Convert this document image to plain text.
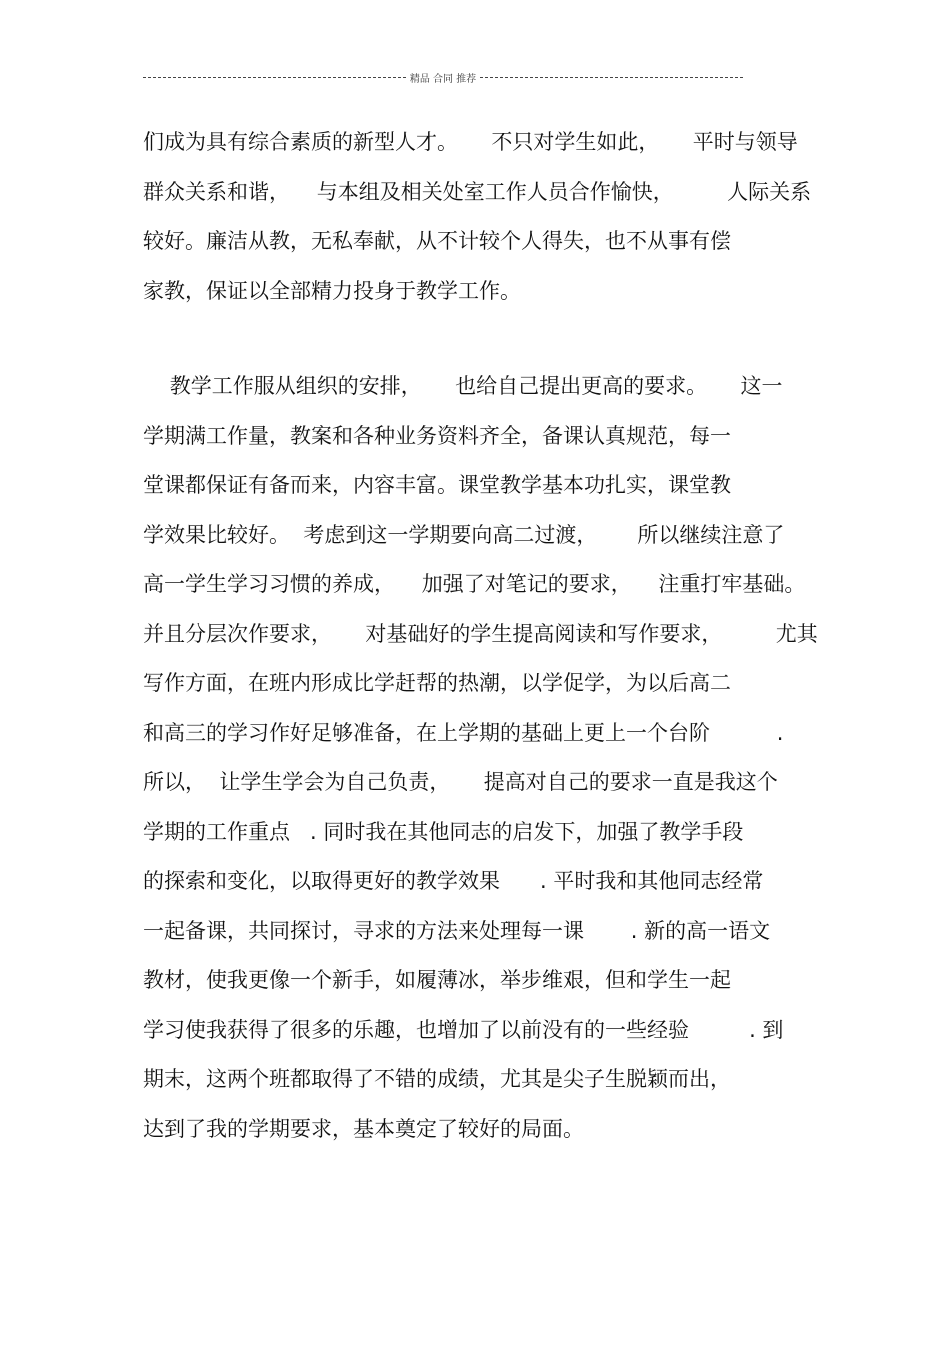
精品 合同 推荐
们成为具有综合素质的新型人才。     不只对学生如此，     平时与领导
群众关系和谐，    与本组及相关处室工作人员合作愉快，        人际关系
较好。廉洁从教，无私奉献，从不计较个人得失，也不从事有偿
家教，保证以全部精力投身于教学工作。
教学工作服从组织的安排，     也给自己提出更高的要求。     这一
学期满工作量，教案和各种业务资料齐全，备课认真规范，每一
堂课都保证有备而来，内容丰富。课堂教学基本功扎实，课堂教
学效果比较好。  考虑到这一学期要向高二过渡，      所以继续注意了
高一学生学习习惯的养成，    加强了对笔记的要求，    注重打牢基础。
并且分层次作要求，     对基础好的学生提高阅读和写作要求，        尤其
写作方面，在班内形成比学赶帮的热潮，以学促学，为以后高二
和高三的学习作好足够准备，在上学期的基础上更上一个台阶          .
所以，  让学生学会为自己负责，     提高对自己的要求一直是我这个
学期的工作重点   . 同时我在其他同志的启发下，加强了教学手段
的探索和变化，以取得更好的教学效果      . 平时我和其他同志经常
一起备课，共同探讨，寻求的方法来处理每一课       . 新的高一语文
教材，使我更像一个新手，如履薄冰，举步维艰，但和学生一起
学习使我获得了很多的乐趣，也增加了以前没有的一些经验         . 到
期末，这两个班都取得了不错的成绩，尤其是尖子生脱颖而出，
达到了我的学期要求，基本奠定了较好的局面。
